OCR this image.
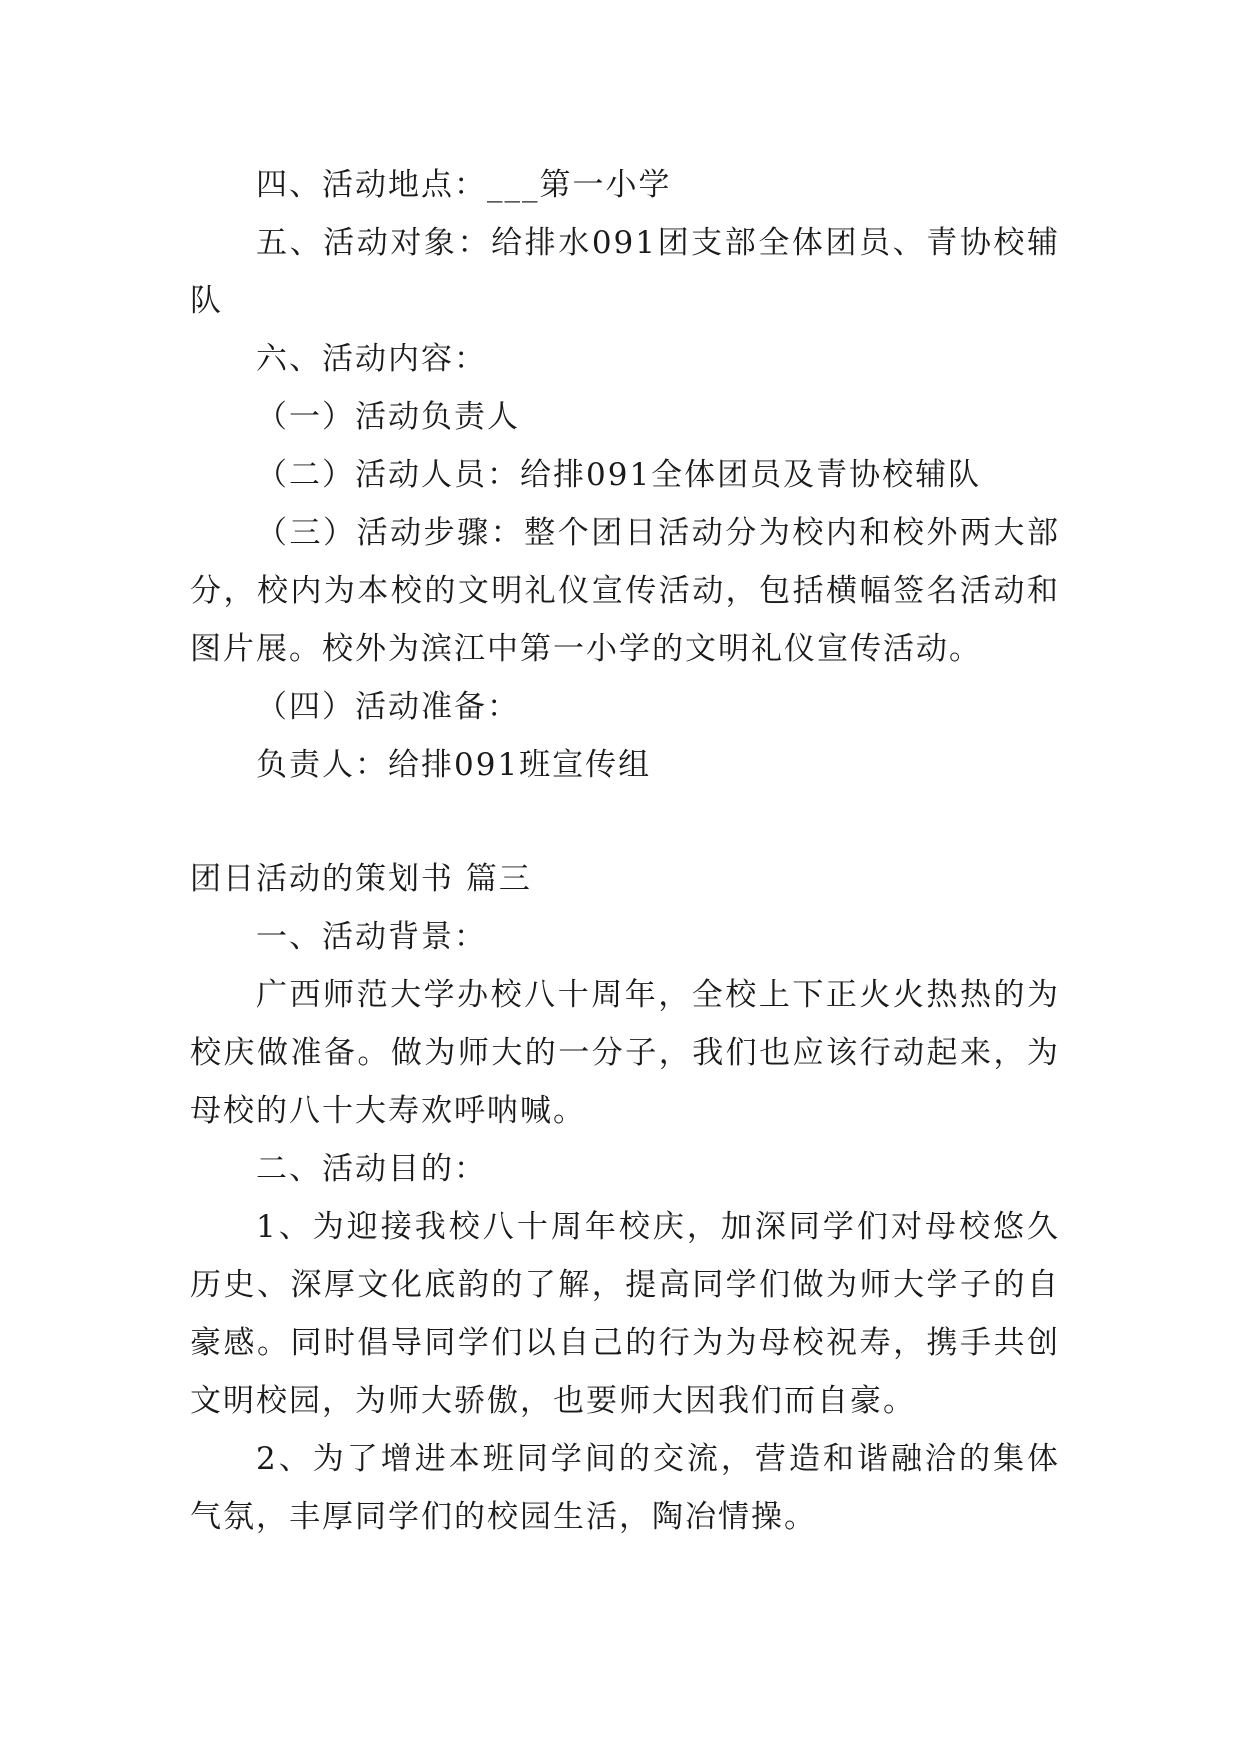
四、活动地点：___第一小学

五、活动对象：给排水091团支部全体团员、青协校辅队

六、活动内容：

（一）活动负责人

（二）活动人员：给排091全体团员及青协校辅队

（三）活动步骤：整个团日活动分为校内和校外两大部分，校内为本校的文明礼仪宣传活动，包括横幅签名活动和图片展。校外为滨江中第一小学的文明礼仪宣传活动。

（四）活动准备：

负责人：给排091班宣传组

团日活动的策划书 篇三

一、活动背景：

广西师范大学办校八十周年，全校上下正火火热热的为校庆做准备。做为师大的一分子，我们也应该行动起来，为母校的八十大寿欢呼呐喊。

二、活动目的：

1、为迎接我校八十周年校庆，加深同学们对母校悠久历史、深厚文化底韵的了解，提高同学们做为师大学子的自豪感。同时倡导同学们以自己的行为为母校祝寿，携手共创文明校园，为师大骄傲，也要师大因我们而自豪。

2、为了增进本班同学间的交流，营造和谐融洽的集体气氛，丰厚同学们的校园生活，陶冶情操。
